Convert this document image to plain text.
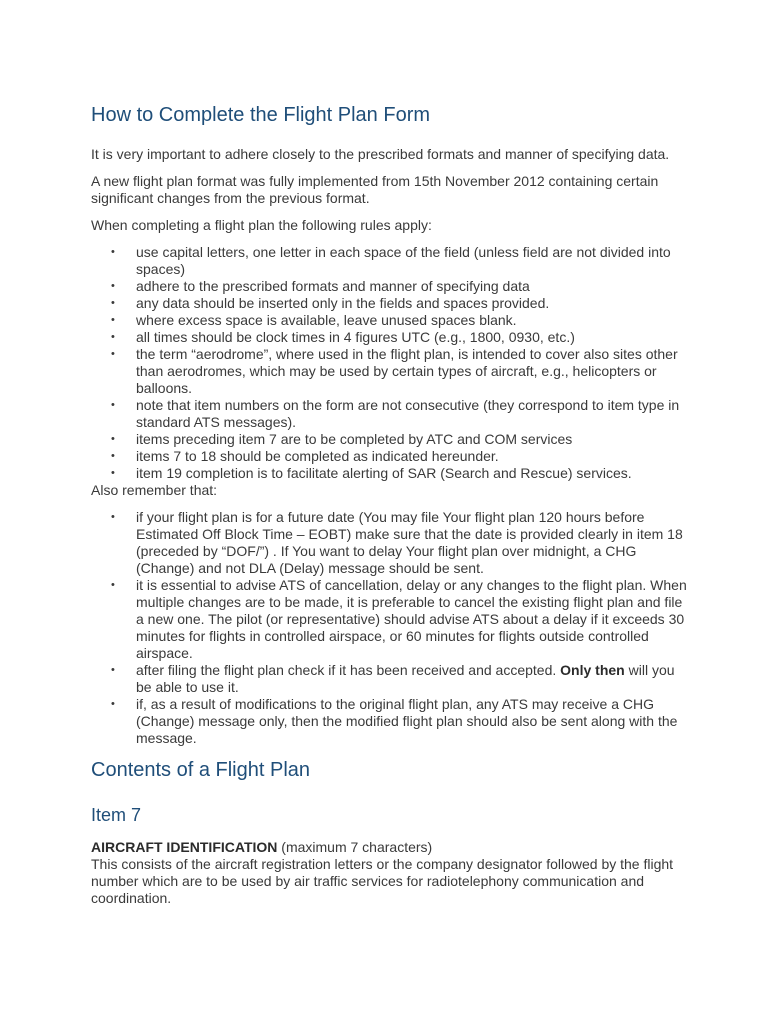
How to Complete the Flight Plan Form

It is very important to adhere closely to the prescribed formats and manner of specifying data.

A new flight plan format was fully implemented from 15th November 2012 containing certain significant changes from the previous format.

When completing a flight plan the following rules apply:

• use capital letters, one letter in each space of the field (unless field are not divided into spaces)
• adhere to the prescribed formats and manner of specifying data
• any data should be inserted only in the fields and spaces provided.
• where excess space is available, leave unused spaces blank.
• all times should be clock times in 4 figures UTC (e.g., 1800, 0930, etc.)
• the term “aerodrome”, where used in the flight plan, is intended to cover also sites other than aerodromes, which may be used by certain types of aircraft, e.g., helicopters or balloons.
• note that item numbers on the form are not consecutive (they correspond to item type in standard ATS messages).
• items preceding item 7 are to be completed by ATC and COM services
• items 7 to 18 should be completed as indicated hereunder.
• item 19 completion is to facilitate alerting of SAR (Search and Rescue) services.

Also remember that:

• if your flight plan is for a future date (You may file Your flight plan 120 hours before Estimated Off Block Time – EOBT) make sure that the date is provided clearly in item 18 (preceded by “DOF/”) . If You want to delay Your flight plan over midnight, a CHG (Change) and not DLA (Delay) message should be sent.
• it is essential to advise ATS of cancellation, delay or any changes to the flight plan. When multiple changes are to be made, it is preferable to cancel the existing flight plan and file a new one. The pilot (or representative) should advise ATS about a delay if it exceeds 30 minutes for flights in controlled airspace, or 60 minutes for flights outside controlled airspace.
• after filing the flight plan check if it has been received and accepted. Only then will you be able to use it.
• if, as a result of modifications to the original flight plan, any ATS may receive a CHG (Change) message only, then the modified flight plan should also be sent along with the message.
Contents of a Flight Plan
Item 7

AIRCRAFT IDENTIFICATION (maximum 7 characters)

This consists of the aircraft registration letters or the company designator followed by the flight number which are to be used by air traffic services for radiotelephony communication and coordination.
